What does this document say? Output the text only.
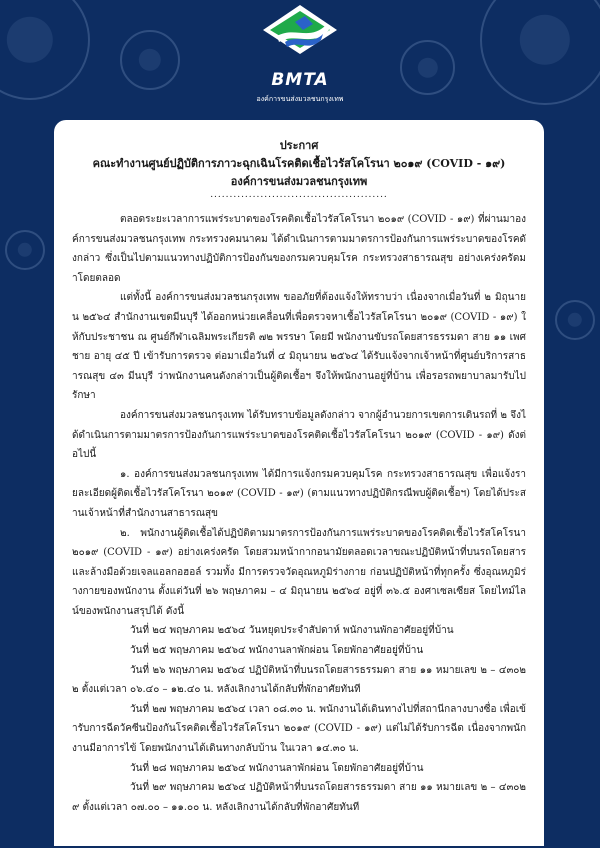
BMTA
องค์การขนส่งมวลชนกรุงเทพ
ประกาศ
คณะทำงานศูนย์ปฏิบัติการภาวะฉุกเฉินโรคติดเชื้อไวรัสโคโรนา ๒๐๑๙ (COVID - ๑๙)
องค์การขนส่งมวลชนกรุงเทพ
..............................................

ตลอดระยะเวลาการแพร่ระบาดของโรคติดเชื้อไวรัสโคโรนา ๒๐๑๙ (COVID - ๑๙) ที่ผ่านมาองค์การขนส่งมวลชนกรุงเทพ กระทรวงคมนาคม ได้ดำเนินการตามมาตรการป้องกันการแพร่ระบาดของโรคดังกล่าว ซึ่งเป็นไปตามแนวทางปฏิบัติการป้องกันของกรมควบคุมโรค กระทรวงสาธารณสุข อย่างเคร่งครัดมาโดยตลอด

แต่ทั้งนี้ องค์การขนส่งมวลชนกรุงเทพ ขออภัยที่ต้องแจ้งให้ทราบว่า เนื่องจากเมื่อวันที่ ๒ มิถุนายน ๒๕๖๔ สำนักงานเขตมีนบุรี ได้ออกหน่วยเคลื่อนที่เพื่อตรวจหาเชื้อไวรัสโคโรนา ๒๐๑๙ (COVID - ๑๙) ให้กับประชาชน ณ ศูนย์กีฬาเฉลิมพระเกียรติ ๗๒ พรรษา โดยมี พนักงานขับรถโดยสารธรรมดา สาย ๑๑ เพศชาย อายุ ๔๕ ปี เข้ารับการตรวจ ต่อมาเมื่อวันที่ ๔ มิถุนายน ๒๕๖๔ ได้รับแจ้งจากเจ้าหน้าที่ศูนย์บริการสาธารณสุข ๔๓ มีนบุรี ว่าพนักงานคนดังกล่าวเป็นผู้ติดเชื้อฯ จึงให้พนักงานอยู่ที่บ้าน เพื่อรอรถพยาบาลมารับไปรักษา

องค์การขนส่งมวลชนกรุงเทพ ได้รับทราบข้อมูลดังกล่าว จากผู้อำนวยการเขตการเดินรถที่ ๒ จึงได้ดำเนินการตามมาตรการป้องกันการแพร่ระบาดของโรคติดเชื้อไวรัสโคโรนา ๒๐๑๙ (COVID - ๑๙) ดังต่อไปนี้

๑. องค์การขนส่งมวลชนกรุงเทพ ได้มีการแจ้งกรมควบคุมโรค กระทรวงสาธารณสุข เพื่อแจ้งรายละเอียดผู้ติดเชื้อไวรัสโคโรนา ๒๐๑๙ (COVID - ๑๙) (ตามแนวทางปฏิบัติกรณีพบผู้ติดเชื้อฯ) โดยได้ประสานเจ้าหน้าที่สำนักงานสาธารณสุข

๒. พนักงานผู้ติดเชื้อได้ปฏิบัติตามมาตรการป้องกันการแพร่ระบาดของโรคติดเชื้อไวรัสโคโรนา ๒๐๑๙ (COVID - ๑๙) อย่างเคร่งครัด โดยสวมหน้ากากอนามัยตลอดเวลาขณะปฏิบัติหน้าที่บนรถโดยสาร และล้างมือด้วยเจลแอลกอฮอล์ รวมทั้ง มีการตรวจวัดอุณหภูมิร่างกาย ก่อนปฏิบัติหน้าที่ทุกครั้ง ซึ่งอุณหภูมิร่างกายของพนักงาน ตั้งแต่วันที่ ๒๖ พฤษภาคม – ๔ มิถุนายน ๒๕๖๔ อยู่ที่ ๓๖.๕ องศาเซลเซียส โดยไทม์ไลน์ของพนักงานสรุปได้ ดังนี้

วันที่ ๒๔ พฤษภาคม ๒๕๖๔ วันหยุดประจำสัปดาห์ พนักงานพักอาศัยอยู่ที่บ้าน

วันที่ ๒๕ พฤษภาคม ๒๕๖๔ พนักงานลาพักผ่อน โดยพักอาศัยอยู่ที่บ้าน

วันที่ ๒๖ พฤษภาคม ๒๕๖๔ ปฏิบัติหน้าที่บนรถโดยสารธรรมดา สาย ๑๑ หมายเลข ๒ – ๔๓๐๒๒ ตั้งแต่เวลา ๐๖.๔๐ – ๑๒.๔๐ น. หลังเลิกงานได้กลับที่พักอาศัยทันที

วันที่ ๒๗ พฤษภาคม ๒๕๖๔ เวลา ๐๘.๓๐ น. พนักงานได้เดินทางไปที่สถานีกลางบางซื่อ เพื่อเข้ารับการฉีดวัคซีนป้องกันโรคติดเชื้อไวรัสโคโรนา ๒๐๑๙ (COVID - ๑๙) แต่ไม่ได้รับการฉีด เนื่องจากพนักงานมีอาการไข้ โดยพนักงานได้เดินทางกลับบ้าน ในเวลา ๑๔.๓๐ น.

วันที่ ๒๘ พฤษภาคม ๒๕๖๔ พนักงานลาพักผ่อน โดยพักอาศัยอยู่ที่บ้าน

วันที่ ๒๙ พฤษภาคม ๒๕๖๔ ปฏิบัติหน้าที่บนรถโดยสารธรรมดา สาย ๑๑ หมายเลข ๒ – ๔๓๐๒๙ ตั้งแต่เวลา ๐๗.๐๐ – ๑๑.๐๐ น. หลังเลิกงานได้กลับที่พักอาศัยทันที
